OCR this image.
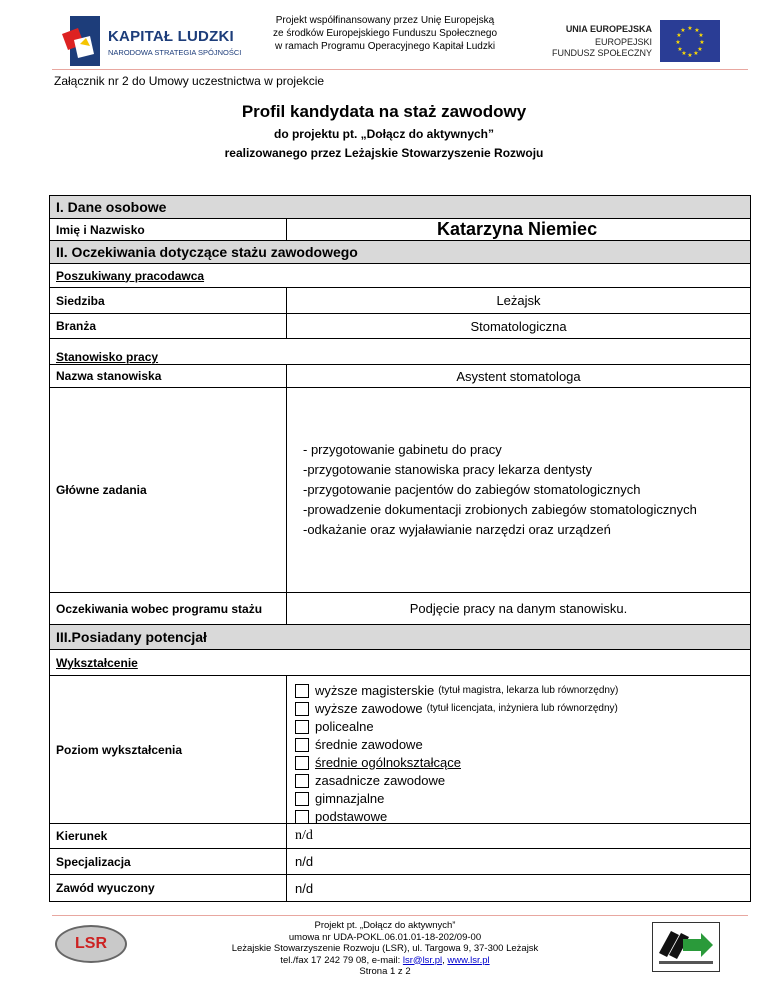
KAPITAŁ LUDZKI
NARODOWA STRATEGIA SPÓJNOŚCI
Projekt współfinansowany przez Unię Europejską
ze środków Europejskiego Funduszu Społecznego
w ramach Programu Operacyjnego Kapitał Ludzki
UNIA EUROPEJSKA
EUROPEJSKI
FUNDUSZ SPOŁECZNY
★ ★
★
★
★
★
★
★
★
★
★
★
Załącznik nr 2 do Umowy uczestnictwa w projekcie
Profil kandydata na staż zawodowy
do projektu pt. „Dołącz do aktywnych”
realizowanego przez Leżajskie Stowarzyszenie Rozwoju
I. Dane osobowe
Imię i Nazwisko	Katarzyna Niemiec
II. Oczekiwania dotyczące stażu zawodowego
Poszukiwany pracodawca
Siedziba	Leżajsk
Branża	Stomatologiczna
Stanowisko pracy
Nazwa stanowiska	Asystent stomatologa
Główne zadania
- przygotowanie gabinetu do pracy
-przygotowanie stanowiska pracy lekarza dentysty
-przygotowanie pacjentów do zabiegów stomatologicznych
-prowadzenie dokumentacji zrobionych zabiegów stomatologicznych
-odkażanie oraz wyjaławianie narzędzi oraz urządzeń
Oczekiwania wobec programu stażu	Podjęcie pracy na danym stanowisku.
III.Posiadany potencjał
Wykształcenie
Poziom wykształcenia
wyższe magisterskie (tytuł magistra, lekarza lub równorzędny)
wyższe zawodowe (tytuł licencjata, inżyniera lub równorzędny)
policealne
średnie zawodowe
średnie ogólnokształcące
zasadnicze zawodowe
gimnazjalne
podstawowe
Kierunek	n/d
Specjalizacja	n/d
Zawód wyuczony	n/d
LSR
Projekt pt. „Dołącz do aktywnych”
umowa nr UDA-POKL.06.01.01-18-202/09-00
Leżajskie Stowarzyszenie Rozwoju (LSR), ul. Targowa 9, 37-300 Leżajsk
tel./fax 17 242 79 08, e-mail: lsr@lsr.pl, www.lsr.pl
Strona 1 z 2
